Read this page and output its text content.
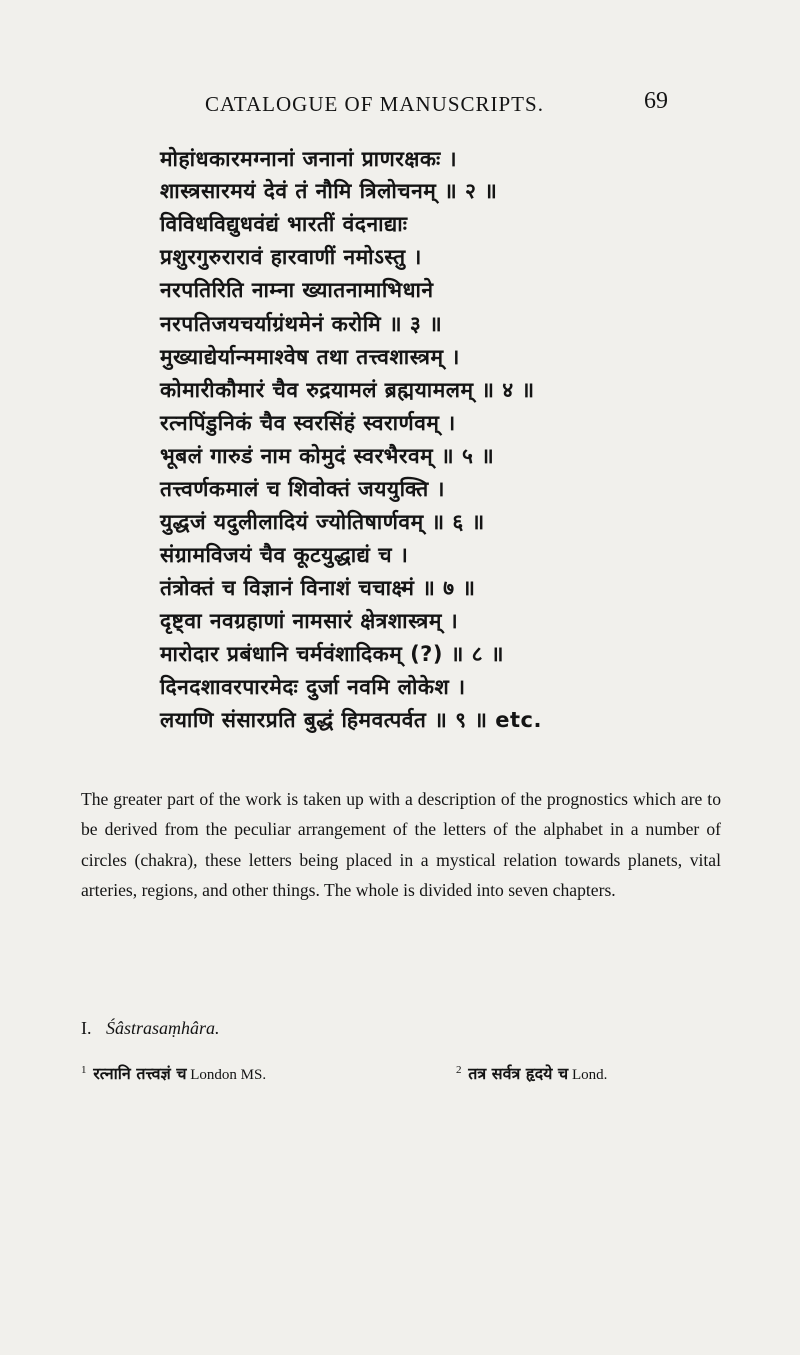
CATALOGUE OF MANUSCRIPTS.	69
मोहांधकारमग्नानां जनानां प्राणरक्षकः ।
शास्त्रसारमयं देवं तं नौमि त्रिलोचनम् ॥ २ ॥
विविधविद्युधवंद्यं भारतीं वंदनाद्याः
प्रशुरगुरुरारावं हारवाणीं नमोऽस्तु ।
नरपतिरिति नाम्ना ख्यातनामाभिधाने
नरपतिजयचर्याग्रंथमेनं करोमि ॥ ३ ॥
मुख्याद्येर्यान्ममाश्वेष तथा तत्त्वशास्त्रम् ।
कोमारीकौमारं चैव रुद्रयामलं ब्रह्मयामलम् ॥ ४ ॥
रत्नपिंडुनिकं चैव स्वरसिंहं स्वरार्णवम् ।
भूबलं गारुडं नाम कोमुदं स्वरभैरवम् ॥ ५ ॥
तत्त्वर्णकमालं च शिवोक्तं जययुक्ति ।
युद्धजं यदुलीलादियं ज्योतिषार्णवम् ॥ ६ ॥
संग्रामविजयं चैव कूटयुद्धाद्यं च ।
तंत्रोक्तं च विज्ञानं विनाशं चचाक्ष्मं ॥ ७ ॥
दृष्ट्वा नवग्रहाणां नामसारं क्षेत्रशास्त्रम् ।
मारोदार प्रबंधानि चर्मवंशादिकम् (?) ॥ ८ ॥
दिनदशावरपारमेदः दुर्जा नवमि लोकेश ।
लयाणि संसारप्रति बुद्धं हिमवत्पर्वत ॥ ९ ॥ etc.

The greater part of the work is taken up with a description of the prognostics which are to be derived from the peculiar arrangement of the letters of the alphabet in a number of circles (chakra), these letters being placed in a mystical relation towards planets, vital arteries, regions, and other things. The whole is divided into seven chapters.

I. Śâstrasaṃhâra.
$^1$ रत्नानि तत्त्वज्ञं च London MS.	$^2$ तत्र सर्वत्र हृदये च Lond.
